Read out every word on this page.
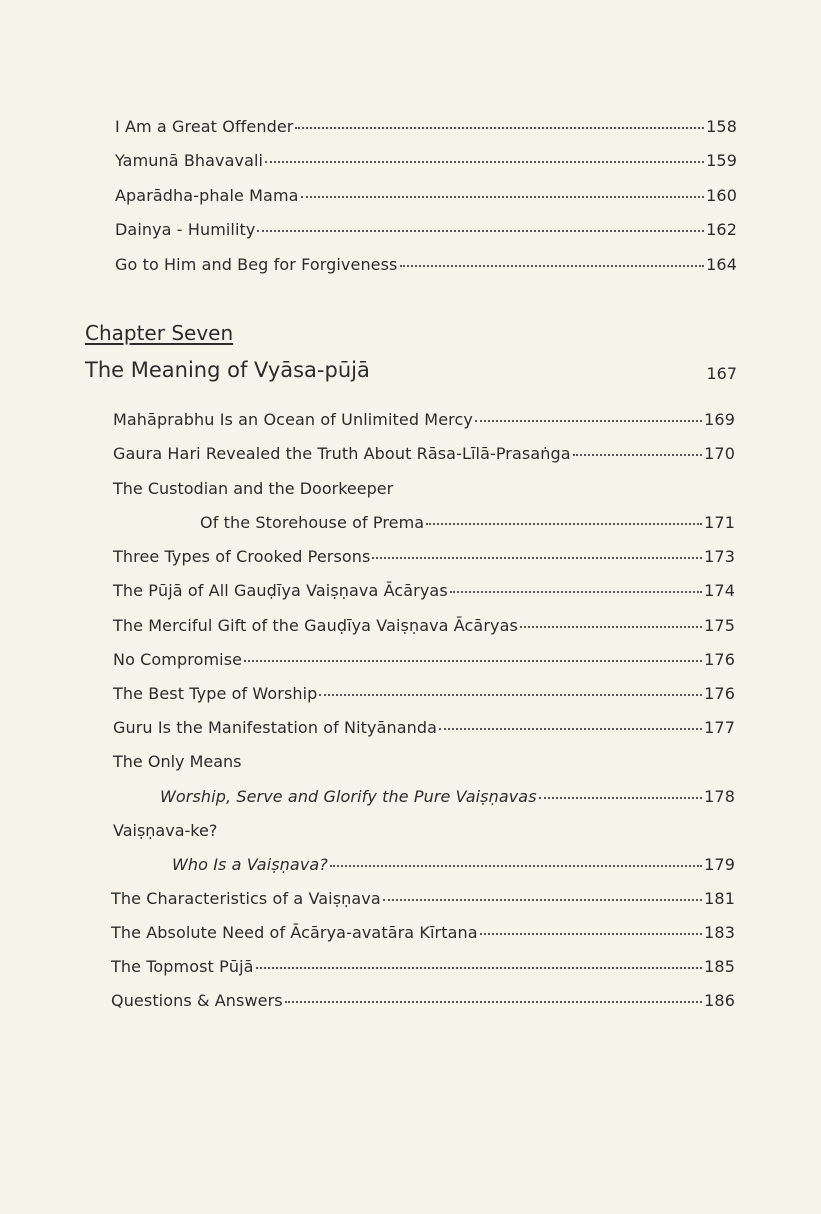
I Am a Great Offender	158
Yamunā Bhavavali	159
Aparādha-phale Mama	160
Dainya - Humility	162
Go to Him and Beg for Forgiveness	164
Chapter Seven
The Meaning of Vyāsa-pūjā	167
Mahāprabhu Is an Ocean of Unlimited Mercy	169
Gaura Hari Revealed the Truth About Rāsa-Līlā-Prasaṅga	170
The Custodian and the Doorkeeper
Of the Storehouse of Prema	171
Three Types of Crooked Persons	173
The Pūjā of All Gauḍīya Vaiṣṇava Ācāryas	174
The Merciful Gift of the Gauḍīya Vaiṣṇava Ācāryas	175
No Compromise	176
The Best Type of Worship	176
Guru Is the Manifestation of Nityānanda	177
The Only Means
Worship, Serve and Glorify the Pure Vaiṣṇavas	178
Vaiṣṇava-ke?
Who Is a Vaiṣṇava?	179
The Characteristics of a Vaiṣṇava	181
The Absolute Need of Ācārya-avatāra Kīrtana	183
The Topmost Pūjā	185
Questions & Answers	186
